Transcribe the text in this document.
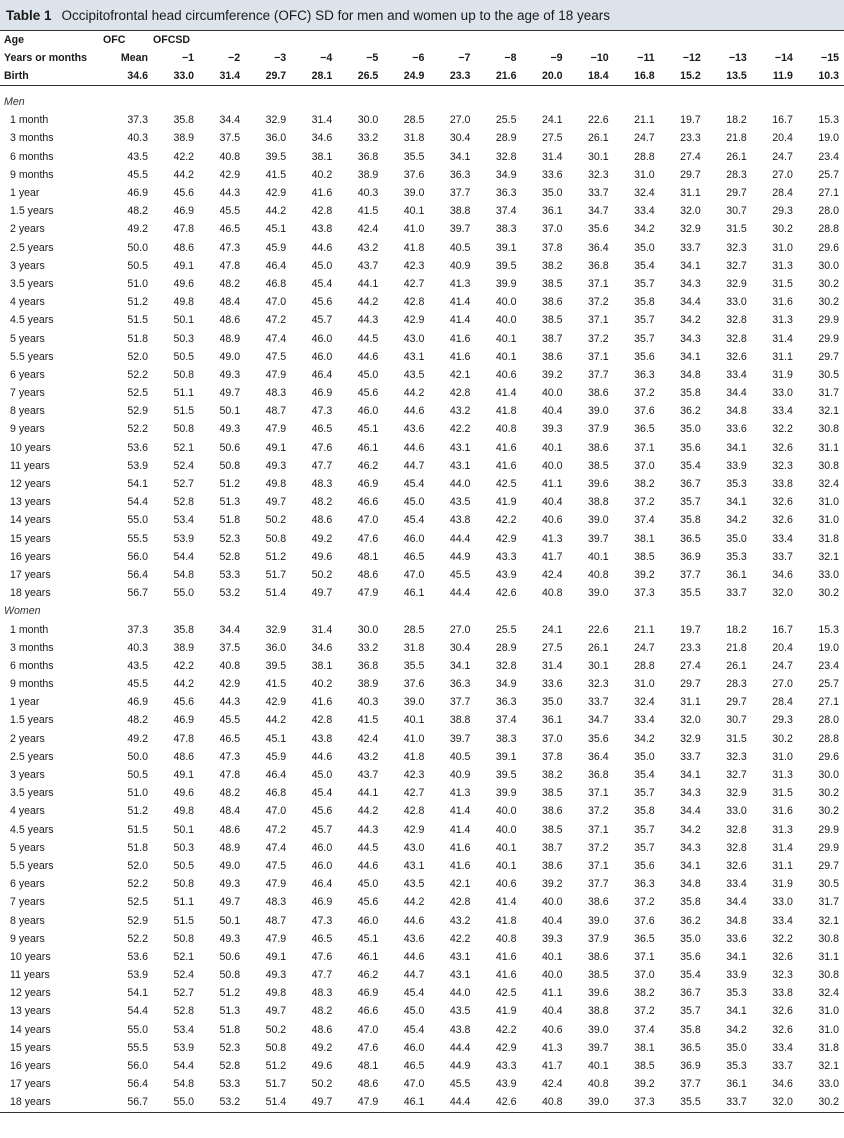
Table 1 Occipitofrontal head circumference (OFC) SD for men and women up to the age of 18 years
Age	OFC	OFCSD														
Years or months	Mean	−1	−2	−3	−4	−5	−6	−7	−8	−9	−10	−11	−12	−13	−14	−15
Birth	34.6	33.0	31.4	29.7	28.1	26.5	24.9	23.3	21.6	20.0	18.4	16.8	15.2	13.5	11.9	10.3

Men																
1 month	37.3	35.8	34.4	32.9	31.4	30.0	28.5	27.0	25.5	24.1	22.6	21.1	19.7	18.2	16.7	15.3
3 months	40.3	38.9	37.5	36.0	34.6	33.2	31.8	30.4	28.9	27.5	26.1	24.7	23.3	21.8	20.4	19.0
6 months	43.5	42.2	40.8	39.5	38.1	36.8	35.5	34.1	32.8	31.4	30.1	28.8	27.4	26.1	24.7	23.4
9 months	45.5	44.2	42.9	41.5	40.2	38.9	37.6	36.3	34.9	33.6	32.3	31.0	29.7	28.3	27.0	25.7
1 year	46.9	45.6	44.3	42.9	41.6	40.3	39.0	37.7	36.3	35.0	33.7	32.4	31.1	29.7	28.4	27.1
1.5 years	48.2	46.9	45.5	44.2	42.8	41.5	40.1	38.8	37.4	36.1	34.7	33.4	32.0	30.7	29.3	28.0
2 years	49.2	47.8	46.5	45.1	43.8	42.4	41.0	39.7	38.3	37.0	35.6	34.2	32.9	31.5	30.2	28.8
2.5 years	50.0	48.6	47.3	45.9	44.6	43.2	41.8	40.5	39.1	37.8	36.4	35.0	33.7	32.3	31.0	29.6
3 years	50.5	49.1	47.8	46.4	45.0	43.7	42.3	40.9	39.5	38.2	36.8	35.4	34.1	32.7	31.3	30.0
3.5 years	51.0	49.6	48.2	46.8	45.4	44.1	42.7	41.3	39.9	38.5	37.1	35.7	34.3	32.9	31.5	30.2
4 years	51.2	49.8	48.4	47.0	45.6	44.2	42.8	41.4	40.0	38.6	37.2	35.8	34.4	33.0	31.6	30.2
4.5 years	51.5	50.1	48.6	47.2	45.7	44.3	42.9	41.4	40.0	38.5	37.1	35.7	34.2	32.8	31.3	29.9
5 years	51.8	50.3	48.9	47.4	46.0	44.5	43.0	41.6	40.1	38.7	37.2	35.7	34.3	32.8	31.4	29.9
5.5 years	52.0	50.5	49.0	47.5	46.0	44.6	43.1	41.6	40.1	38.6	37.1	35.6	34.1	32.6	31.1	29.7
6 years	52.2	50.8	49.3	47.9	46.4	45.0	43.5	42.1	40.6	39.2	37.7	36.3	34.8	33.4	31.9	30.5
7 years	52.5	51.1	49.7	48.3	46.9	45.6	44.2	42.8	41.4	40.0	38.6	37.2	35.8	34.4	33.0	31.7
8 years	52.9	51.5	50.1	48.7	47.3	46.0	44.6	43.2	41.8	40.4	39.0	37.6	36.2	34.8	33.4	32.1
9 years	52.2	50.8	49.3	47.9	46.5	45.1	43.6	42.2	40.8	39.3	37.9	36.5	35.0	33.6	32.2	30.8
10 years	53.6	52.1	50.6	49.1	47.6	46.1	44.6	43.1	41.6	40.1	38.6	37.1	35.6	34.1	32.6	31.1
11 years	53.9	52.4	50.8	49.3	47.7	46.2	44.7	43.1	41.6	40.0	38.5	37.0	35.4	33.9	32.3	30.8
12 years	54.1	52.7	51.2	49.8	48.3	46.9	45.4	44.0	42.5	41.1	39.6	38.2	36.7	35.3	33.8	32.4
13 years	54.4	52.8	51.3	49.7	48.2	46.6	45.0	43.5	41.9	40.4	38.8	37.2	35.7	34.1	32.6	31.0
14 years	55.0	53.4	51.8	50.2	48.6	47.0	45.4	43.8	42.2	40.6	39.0	37.4	35.8	34.2	32.6	31.0
15 years	55.5	53.9	52.3	50.8	49.2	47.6	46.0	44.4	42.9	41.3	39.7	38.1	36.5	35.0	33.4	31.8
16 years	56.0	54.4	52.8	51.2	49.6	48.1	46.5	44.9	43.3	41.7	40.1	38.5	36.9	35.3	33.7	32.1
17 years	56.4	54.8	53.3	51.7	50.2	48.6	47.0	45.5	43.9	42.4	40.8	39.2	37.7	36.1	34.6	33.0
18 years	56.7	55.0	53.2	51.4	49.7	47.9	46.1	44.4	42.6	40.8	39.0	37.3	35.5	33.7	32.0	30.2
Women																
1 month	37.3	35.8	34.4	32.9	31.4	30.0	28.5	27.0	25.5	24.1	22.6	21.1	19.7	18.2	16.7	15.3
3 months	40.3	38.9	37.5	36.0	34.6	33.2	31.8	30.4	28.9	27.5	26.1	24.7	23.3	21.8	20.4	19.0
6 months	43.5	42.2	40.8	39.5	38.1	36.8	35.5	34.1	32.8	31.4	30.1	28.8	27.4	26.1	24.7	23.4
9 months	45.5	44.2	42.9	41.5	40.2	38.9	37.6	36.3	34.9	33.6	32.3	31.0	29.7	28.3	27.0	25.7
1 year	46.9	45.6	44.3	42.9	41.6	40.3	39.0	37.7	36.3	35.0	33.7	32.4	31.1	29.7	28.4	27.1
1.5 years	48.2	46.9	45.5	44.2	42.8	41.5	40.1	38.8	37.4	36.1	34.7	33.4	32.0	30.7	29.3	28.0
2 years	49.2	47.8	46.5	45.1	43.8	42.4	41.0	39.7	38.3	37.0	35.6	34.2	32.9	31.5	30.2	28.8
2.5 years	50.0	48.6	47.3	45.9	44.6	43.2	41.8	40.5	39.1	37.8	36.4	35.0	33.7	32.3	31.0	29.6
3 years	50.5	49.1	47.8	46.4	45.0	43.7	42.3	40.9	39.5	38.2	36.8	35.4	34.1	32.7	31.3	30.0
3.5 years	51.0	49.6	48.2	46.8	45.4	44.1	42.7	41.3	39.9	38.5	37.1	35.7	34.3	32.9	31.5	30.2
4 years	51.2	49.8	48.4	47.0	45.6	44.2	42.8	41.4	40.0	38.6	37.2	35.8	34.4	33.0	31.6	30.2
4.5 years	51.5	50.1	48.6	47.2	45.7	44.3	42.9	41.4	40.0	38.5	37.1	35.7	34.2	32.8	31.3	29.9
5 years	51.8	50.3	48.9	47.4	46.0	44.5	43.0	41.6	40.1	38.7	37.2	35.7	34.3	32.8	31.4	29.9
5.5 years	52.0	50.5	49.0	47.5	46.0	44.6	43.1	41.6	40.1	38.6	37.1	35.6	34.1	32.6	31.1	29.7
6 years	52.2	50.8	49.3	47.9	46.4	45.0	43.5	42.1	40.6	39.2	37.7	36.3	34.8	33.4	31.9	30.5
7 years	52.5	51.1	49.7	48.3	46.9	45.6	44.2	42.8	41.4	40.0	38.6	37.2	35.8	34.4	33.0	31.7
8 years	52.9	51.5	50.1	48.7	47.3	46.0	44.6	43.2	41.8	40.4	39.0	37.6	36.2	34.8	33.4	32.1
9 years	52.2	50.8	49.3	47.9	46.5	45.1	43.6	42.2	40.8	39.3	37.9	36.5	35.0	33.6	32.2	30.8
10 years	53.6	52.1	50.6	49.1	47.6	46.1	44.6	43.1	41.6	40.1	38.6	37.1	35.6	34.1	32.6	31.1
11 years	53.9	52.4	50.8	49.3	47.7	46.2	44.7	43.1	41.6	40.0	38.5	37.0	35.4	33.9	32.3	30.8
12 years	54.1	52.7	51.2	49.8	48.3	46.9	45.4	44.0	42.5	41.1	39.6	38.2	36.7	35.3	33.8	32.4
13 years	54.4	52.8	51.3	49.7	48.2	46.6	45.0	43.5	41.9	40.4	38.8	37.2	35.7	34.1	32.6	31.0
14 years	55.0	53.4	51.8	50.2	48.6	47.0	45.4	43.8	42.2	40.6	39.0	37.4	35.8	34.2	32.6	31.0
15 years	55.5	53.9	52.3	50.8	49.2	47.6	46.0	44.4	42.9	41.3	39.7	38.1	36.5	35.0	33.4	31.8
16 years	56.0	54.4	52.8	51.2	49.6	48.1	46.5	44.9	43.3	41.7	40.1	38.5	36.9	35.3	33.7	32.1
17 years	56.4	54.8	53.3	51.7	50.2	48.6	47.0	45.5	43.9	42.4	40.8	39.2	37.7	36.1	34.6	33.0
18 years	56.7	55.0	53.2	51.4	49.7	47.9	46.1	44.4	42.6	40.8	39.0	37.3	35.5	33.7	32.0	30.2
